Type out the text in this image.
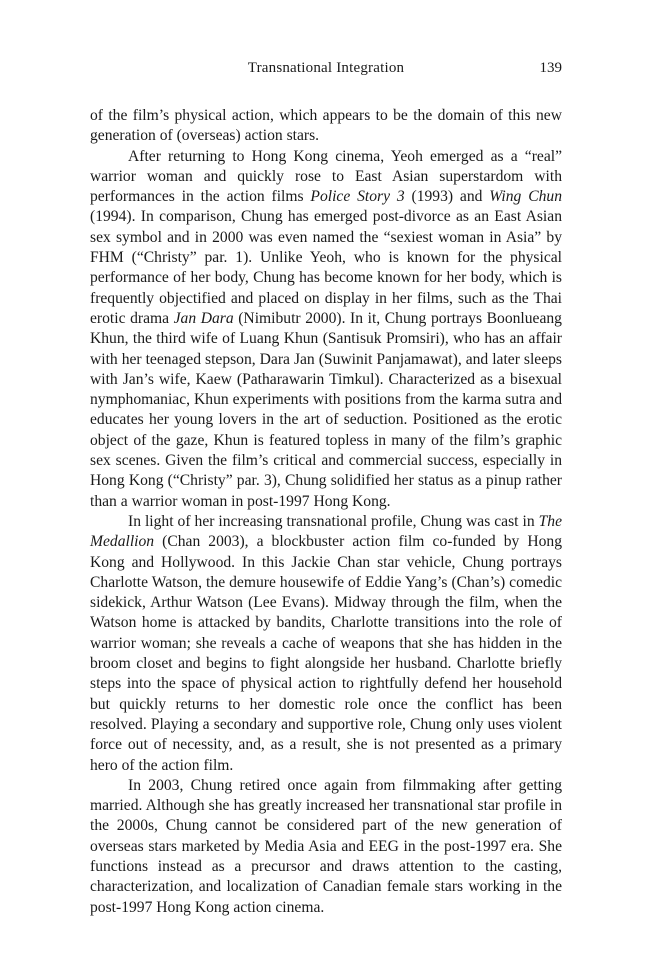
Transnational Integration	139

of the film’s physical action, which appears to be the domain of this new generation of (overseas) action stars.

After returning to Hong Kong cinema, Yeoh emerged as a “real” warrior woman and quickly rose to East Asian superstardom with performances in the action films Police Story 3 (1993) and Wing Chun (1994). In comparison, Chung has emerged post-divorce as an East Asian sex symbol and in 2000 was even named the “sexiest woman in Asia” by FHM (“Christy” par. 1). Unlike Yeoh, who is known for the physical performance of her body, Chung has become known for her body, which is frequently objectified and placed on display in her films, such as the Thai erotic drama Jan Dara (Nimibutr 2000). In it, Chung portrays Boonlueang Khun, the third wife of Luang Khun (Santisuk Promsiri), who has an affair with her teenaged stepson, Dara Jan (Suwinit Panjamawat), and later sleeps with Jan’s wife, Kaew (Patharawarin Timkul). Characterized as a bisexual nymphomaniac, Khun experiments with positions from the karma sutra and educates her young lovers in the art of seduction. Positioned as the erotic object of the gaze, Khun is featured topless in many of the film’s graphic sex scenes. Given the film’s critical and commercial success, especially in Hong Kong (“Christy” par. 3), Chung solidified her status as a pinup rather than a warrior woman in post-1997 Hong Kong.

In light of her increasing transnational profile, Chung was cast in The Medallion (Chan 2003), a blockbuster action film co-funded by Hong Kong and Hollywood. In this Jackie Chan star vehicle, Chung portrays Charlotte Watson, the demure housewife of Eddie Yang’s (Chan’s) comedic sidekick, Arthur Watson (Lee Evans). Midway through the film, when the Watson home is attacked by bandits, Charlotte transitions into the role of warrior woman; she reveals a cache of weapons that she has hidden in the broom closet and begins to fight alongside her husband. Charlotte briefly steps into the space of physical action to rightfully defend her household but quickly returns to her domestic role once the conflict has been resolved. Playing a secondary and supportive role, Chung only uses violent force out of necessity, and, as a result, she is not presented as a primary hero of the action film.

In 2003, Chung retired once again from filmmaking after getting married. Although she has greatly increased her transnational star profile in the 2000s, Chung cannot be considered part of the new generation of overseas stars marketed by Media Asia and EEG in the post-1997 era. She functions instead as a precursor and draws attention to the casting, characterization, and localization of Canadian female stars working in the post-1997 Hong Kong action cinema.
